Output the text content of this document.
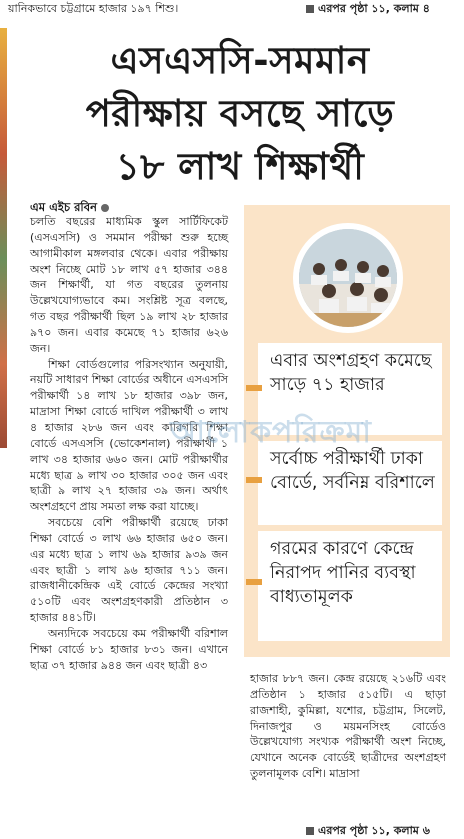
য়ানিকভাবে চট্টগ্রামে হাজার ১৯৭ শিশু।	এরপর পৃষ্ঠা ১১, কলাম ৪
এসএসসি-সমমান
পরীক্ষায় বসছে সাড়ে
১৮ লাখ শিক্ষার্থী
এম এইচ রবিন

চলতি বছরের মাধ্যমিক স্কুল সার্টিফিকেট (এসএসসি) ও সমমান পরীক্ষা শুরু হচ্ছে আগামীকাল মঙ্গলবার থেকে। এবার পরীক্ষায় অংশ নিচ্ছে মোট ১৮ লাখ ৫৭ হাজার ৩৪৪ জন শিক্ষার্থী, যা গত বছরের তুলনায় উল্লেখযোগ্যভাবে কম। সংশ্লিষ্ট সূত্র বলছে, গত বছর পরীক্ষার্থী ছিল ১৯ লাখ ২৮ হাজার ৯৭০ জন। এবার কমেছে ৭১ হাজার ৬২৬ জন।

শিক্ষা বোর্ডগুলোর পরিসংখ্যান অনুযায়ী, নয়টি সাধারণ শিক্ষা বোর্ডের অধীনে এসএসসি পরীক্ষার্থী ১৪ লাখ ১৮ হাজার ৩৯৮ জন, মাদ্রাসা শিক্ষা বোর্ডে দাখিল পরীক্ষার্থী ৩ লাখ ৪ হাজার ২৮৬ জন এবং কারিগরি শিক্ষা বোর্ডে এসএসসি (ভোকেশনাল) পরীক্ষার্থী ১ লাখ ৩৪ হাজার ৬৬০ জন। মোট পরীক্ষার্থীর মধ্যে ছাত্র ৯ লাখ ৩০ হাজার ৩০৫ জন এবং ছাত্রী ৯ লাখ ২৭ হাজার ৩৯ জন। অর্থাৎ অংশগ্রহণে প্রায় সমতা লক্ষ করা যাচ্ছে।

সবচেয়ে বেশি পরীক্ষার্থী রয়েছে ঢাকা শিক্ষা বোর্ডে ৩ লাখ ৬৬ হাজার ৬৫০ জন। এর মধ্যে ছাত্র ১ লাখ ৬৯ হাজার ৯৩৯ জন এবং ছাত্রী ১ লাখ ৯৬ হাজার ৭১১ জন। রাজধানীকেন্দ্রিক এই বোর্ডে কেন্দ্রের সংখ্যা ৫১০টি এবং অংশগ্রহণকারী প্রতিষ্ঠান ৩ হাজার ৪৪১টি।

অন্যদিকে সবচেয়ে কম পরীক্ষার্থী বরিশাল শিক্ষা বোর্ডে ৮১ হাজার ৮৩১ জন। এখানে ছাত্র ৩৭ হাজার ৯৪৪ জন এবং ছাত্রী ৪৩

এবার অংশগ্রহণ কমেছে সাড়ে ৭১ হাজার
সর্বোচ্চ পরীক্ষার্থী ঢাকা বোর্ডে, সর্বনিম্ন বরিশালে
গরমের কারণে কেন্দ্রে নিরাপদ পানির ব্যবস্থা বাধ্যতামূলক
আলোকপরিক্রমা

হাজার ৮৮৭ জন। কেন্দ্র রয়েছে ২১৬টি এবং প্রতিষ্ঠান ১ হাজার ৫১৫টি। এ ছাড়া রাজশাহী, কুমিল্লা, যশোর, চট্টগ্রাম, সিলেট, দিনাজপুর ও ময়মনসিংহ বোর্ডেও উল্লেখযোগ্য সংখ্যক পরীক্ষার্থী অংশ নিচ্ছে, যেখানে অনেক বোর্ডেই ছাত্রীদের অংশগ্রহণ তুলনামূলক বেশি। মাদ্রাসা

এরপর পৃষ্ঠা ১১, কলাম ৬
